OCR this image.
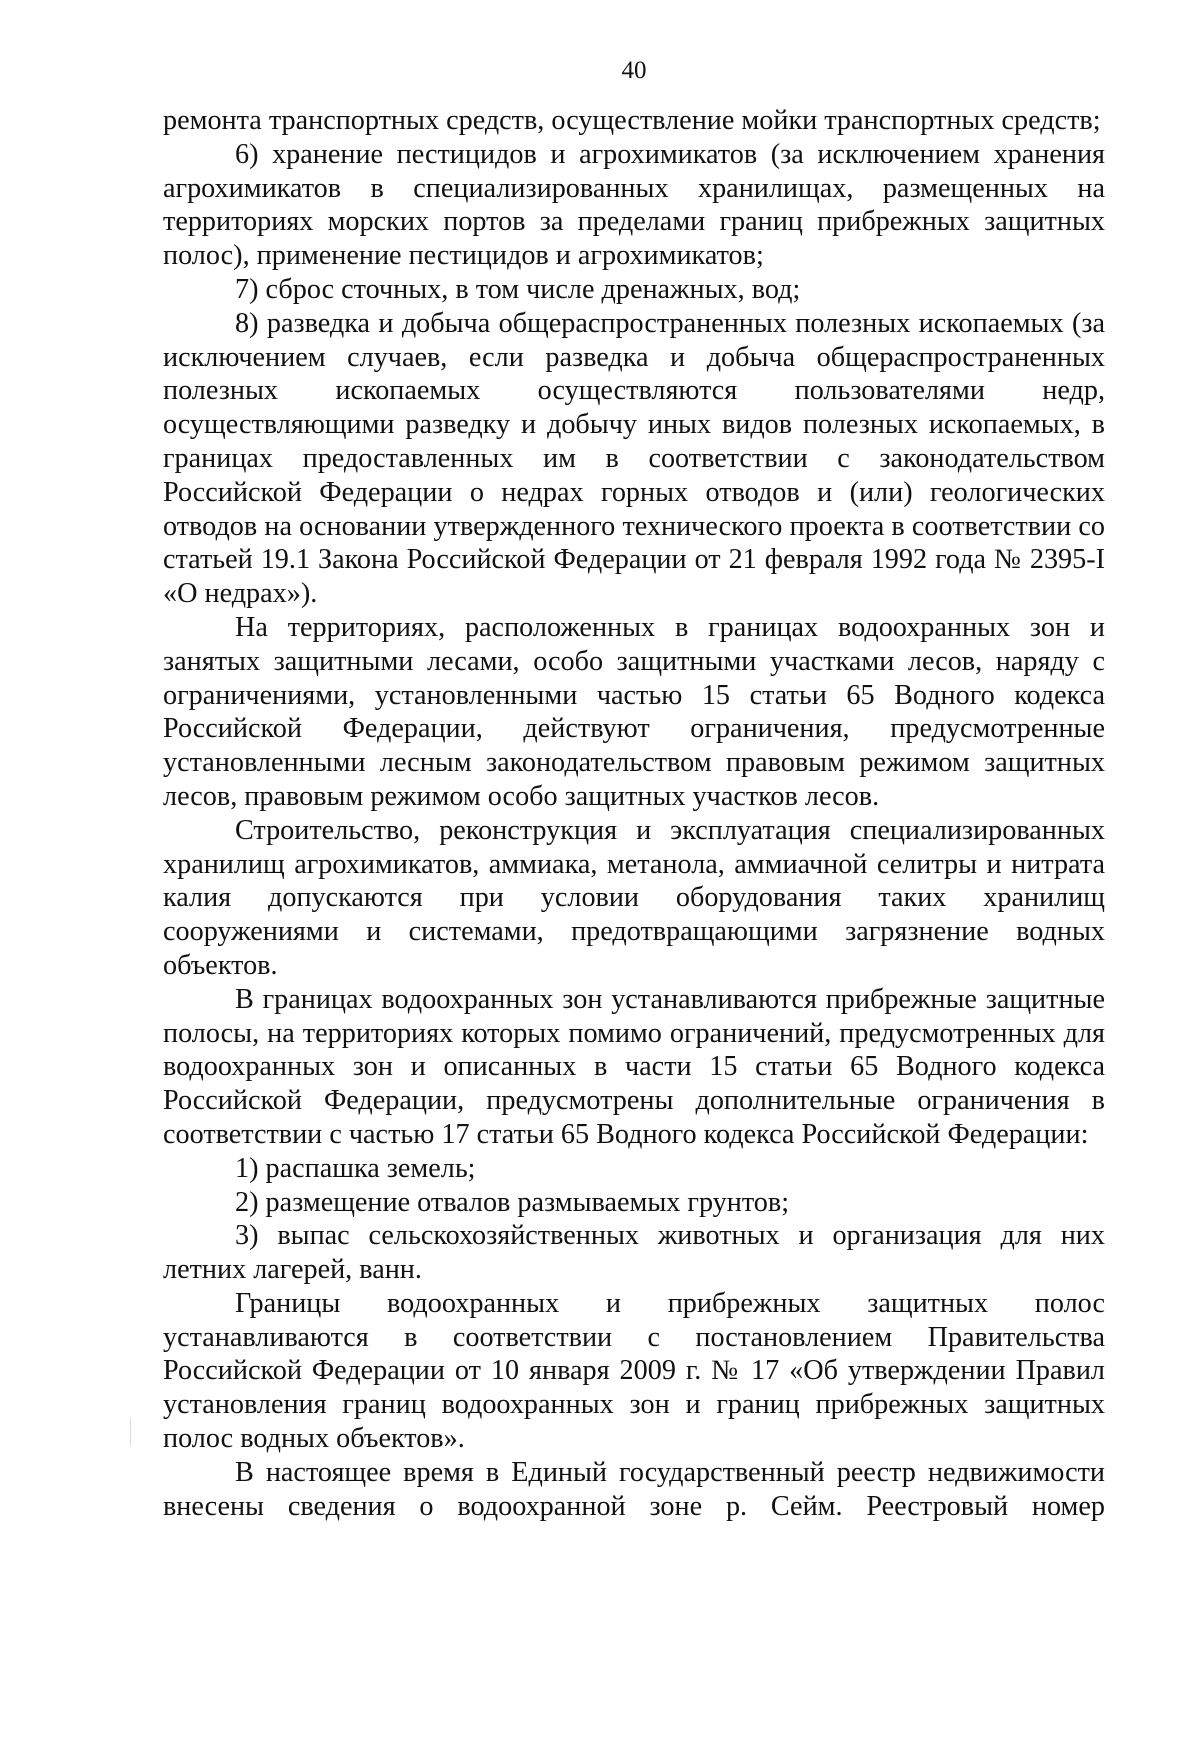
40

ремонта транспортных средств, осуществление мойки транспортных средств;

6) хранение пестицидов и агрохимикатов (за исключением хранения агрохимикатов в специализированных хранилищах, размещенных на территориях морских портов за пределами границ прибрежных защитных полос), применение пестицидов и агрохимикатов;

7) сброс сточных, в том числе дренажных, вод;

8) разведка и добыча общераспространенных полезных ископаемых (за исключением случаев, если разведка и добыча общераспространенных полезных ископаемых осуществляются пользователями недр, осуществляющими разведку и добычу иных видов полезных ископаемых, в границах предоставленных им в соответствии с законодательством Российской Федерации о недрах горных отводов и (или) геологических отводов на основании утвержденного технического проекта в соответствии со статьей 19.1 Закона Российской Федерации от 21 февраля 1992 года № 2395-I «О недрах»).

На территориях, расположенных в границах водоохранных зон и занятых защитными лесами, особо защитными участками лесов, наряду с ограничениями, установленными частью 15 статьи 65 Водного кодекса Российской Федерации, действуют ограничения, предусмотренные установленными лесным законодательством правовым режимом защитных лесов, правовым режимом особо защитных участков лесов.

Строительство, реконструкция и эксплуатация специализированных хранилищ агрохимикатов, аммиака, метанола, аммиачной селитры и нитрата калия допускаются при условии оборудования таких хранилищ сооружениями и системами, предотвращающими загрязнение водных объектов.

В границах водоохранных зон устанавливаются прибрежные защитные полосы, на территориях которых помимо ограничений, предусмотренных для водоохранных зон и описанных в части 15 статьи 65 Водного кодекса Российской Федерации, предусмотрены дополнительные ограничения в соответствии с частью 17 статьи 65 Водного кодекса Российской Федерации:

1) распашка земель;

2) размещение отвалов размываемых грунтов;

3) выпас сельскохозяйственных животных и организация для них летних лагерей, ванн.

Границы водоохранных и прибрежных защитных полос устанавливаются в соответствии с постановлением Правительства Российской Федерации от 10 января 2009 г. № 17 «Об утверждении Правил установления границ водоохранных зон и границ прибрежных защитных полос водных объектов».

В настоящее время в Единый государственный реестр недвижимости внесены сведения о водоохранной зоне р. Сейм. Реестровый номер
